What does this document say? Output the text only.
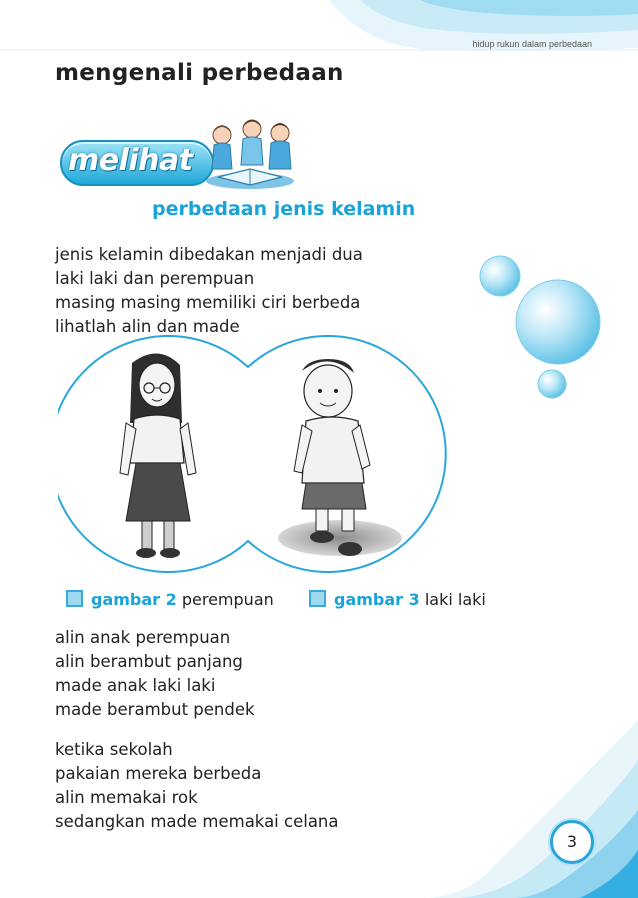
hidup rukun dalam perbedaan
mengenali perbedaan
melihat
perbedaan jenis kelamin
jenis kelamin dibedakan menjadi dua
laki laki dan perempuan
masing masing memiliki ciri berbeda
lihatlah alin dan made
gambar 2 perempuan	gambar 3 laki laki
alin anak perempuan
alin berambut panjang
made anak laki laki
made berambut pendek
ketika sekolah
pakaian mereka berbeda
alin memakai rok
sedangkan made memakai celana
3
